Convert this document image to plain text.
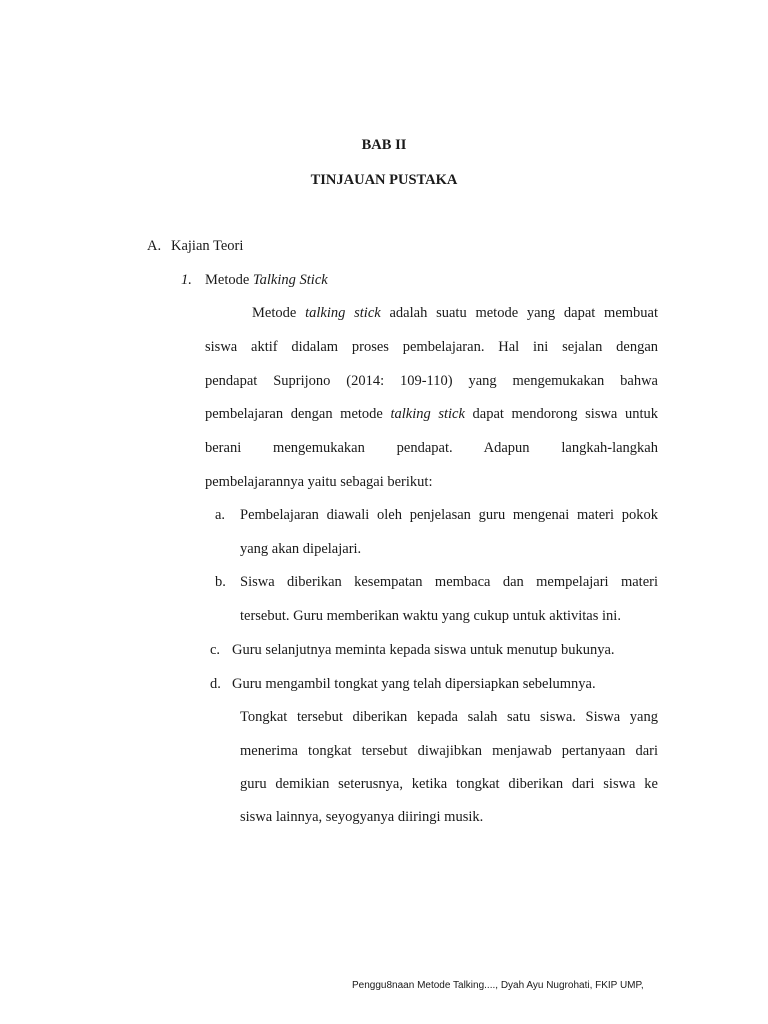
BAB II
TINJAUAN PUSTAKA
A. Kajian Teori
1. Metode Talking Stick
Metode talking stick adalah suatu metode yang dapat membuat
siswa aktif didalam proses pembelajaran. Hal ini sejalan dengan
pendapat Suprijono (2014: 109-110) yang mengemukakan bahwa
pembelajaran dengan metode talking stick dapat mendorong siswa untuk
berani mengemukakan pendapat. Adapun langkah-langkah
pembelajarannya yaitu sebagai berikut:
a. Pembelajaran diawali oleh penjelasan guru mengenai materi pokok
yang akan dipelajari.
b. Siswa diberikan kesempatan membaca dan mempelajari materi
tersebut. Guru memberikan waktu yang cukup untuk aktivitas ini.
c. Guru selanjutnya meminta kepada siswa untuk menutup bukunya.
d. Guru mengambil tongkat yang telah dipersiapkan sebelumnya.
Tongkat tersebut diberikan kepada salah satu siswa. Siswa yang
menerima tongkat tersebut diwajibkan menjawab pertanyaan dari
guru demikian seterusnya, ketika tongkat diberikan dari siswa ke
siswa lainnya, seyogyanya diiringi musik.
Penggu8naan Metode Talking...., Dyah Ayu Nugrohati, FKIP UMP,
